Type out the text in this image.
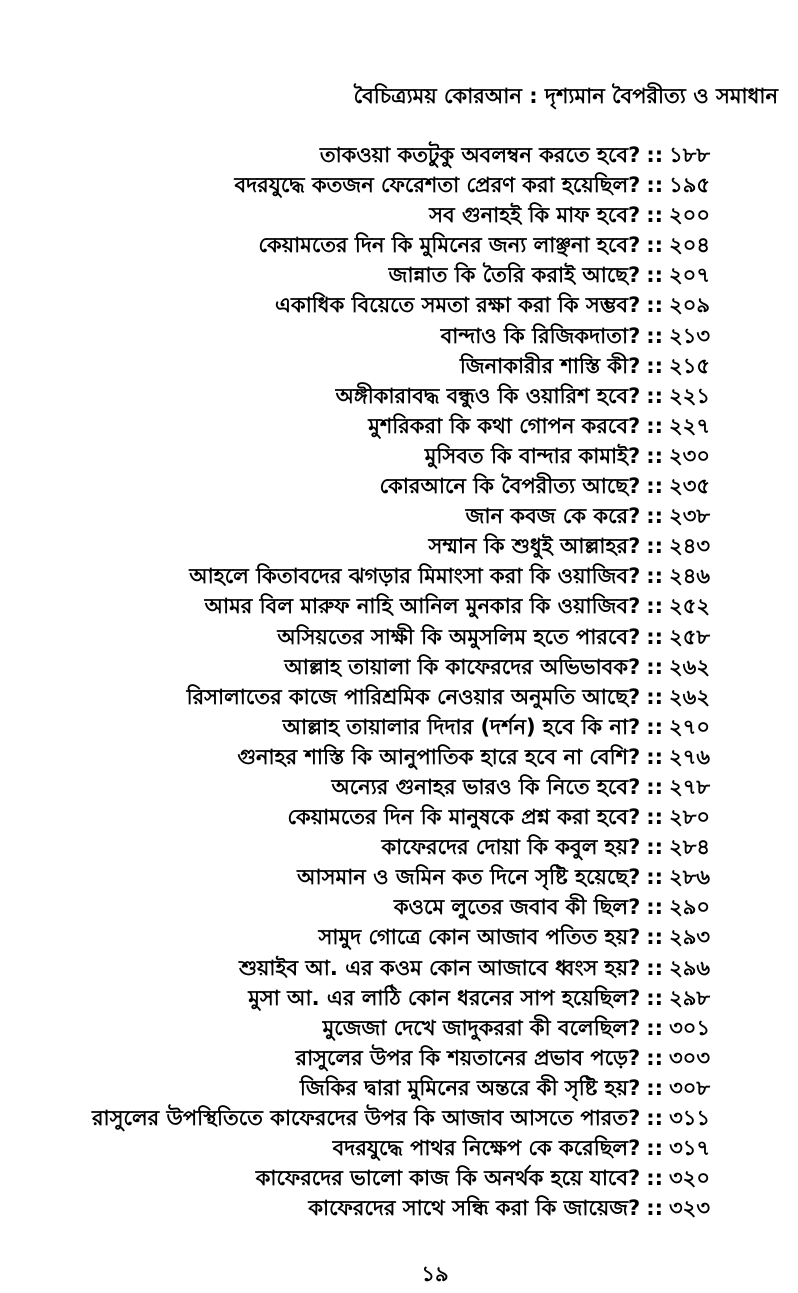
বৈচিত্র্যময় কোরআন : দৃশ্যমান বৈপরীত্য ও সমাধান
তাকওয়া কতটুকু অবলম্বন করতে হবে? :: ১৮৮
বদরযুদ্ধে কতজন ফেরেশতা প্রেরণ করা হয়েছিল? :: ১৯৫
সব গুনাহই কি মাফ হবে? :: ২০০
কেয়ামতের দিন কি মুমিনের জন্য লাঞ্ছনা হবে? :: ২০৪
জান্নাত কি তৈরি করাই আছে? :: ২০৭
একাধিক বিয়েতে সমতা রক্ষা করা কি সম্ভব? :: ২০৯
বান্দাও কি রিজিকদাতা? :: ২১৩
জিনাকারীর শাস্তি কী? :: ২১৫
অঙ্গীকারাবদ্ধ বন্ধুও কি ওয়ারিশ হবে? :: ২২১
মুশরিকরা কি কথা গোপন করবে? :: ২২৭
মুসিবত কি বান্দার কামাই? :: ২৩০
কোরআনে কি বৈপরীত্য আছে? :: ২৩৫
জান কবজ কে করে? :: ২৩৮
সম্মান কি শুধুই আল্লাহর? :: ২৪৩
আহলে কিতাবদের ঝগড়ার মিমাংসা করা কি ওয়াজিব? :: ২৪৬
আমর বিল মারুফ নাহি আনিল মুনকার কি ওয়াজিব? :: ২৫২
অসিয়তের সাক্ষী কি অমুসলিম হতে পারবে? :: ২৫৮
আল্লাহ তায়ালা কি কাফেরদের অভিভাবক? :: ২৬২
রিসালাতের কাজে পারিশ্রমিক নেওয়ার অনুমতি আছে? :: ২৬২
আল্লাহ তায়ালার দিদার (দর্শন) হবে কি না? :: ২৭০
গুনাহর শাস্তি কি আনুপাতিক হারে হবে না বেশি? :: ২৭৬
অন্যের গুনাহর ভারও কি নিতে হবে? :: ২৭৮
কেয়ামতের দিন কি মানুষকে প্রশ্ন করা হবে? :: ২৮০
কাফেরদের দোয়া কি কবুল হয়? :: ২৮৪
আসমান ও জমিন কত দিনে সৃষ্টি হয়েছে? :: ২৮৬
কওমে লুতের জবাব কী ছিল? :: ২৯০
সামুদ গোত্রে কোন আজাব পতিত হয়? :: ২৯৩
শুয়াইব আ. এর কওম কোন আজাবে ধ্বংস হয়? :: ২৯৬
মুসা আ. এর লাঠি কোন ধরনের সাপ হয়েছিল? :: ২৯৮
মুজেজা দেখে জাদুকররা কী বলেছিল? :: ৩০১
রাসুলের উপর কি শয়তানের প্রভাব পড়ে? :: ৩০৩
জিকির দ্বারা মুমিনের অন্তরে কী সৃষ্টি হয়? :: ৩০৮
রাসুলের উপস্থিতিতে কাফেরদের উপর কি আজাব আসতে পারত? :: ৩১১
বদরযুদ্ধে পাথর নিক্ষেপ কে করেছিল? :: ৩১৭
কাফেরদের ভালো কাজ কি অনর্থক হয়ে যাবে? :: ৩২০
কাফেরদের সাথে সন্ধি করা কি জায়েজ? :: ৩২৩
১৯
